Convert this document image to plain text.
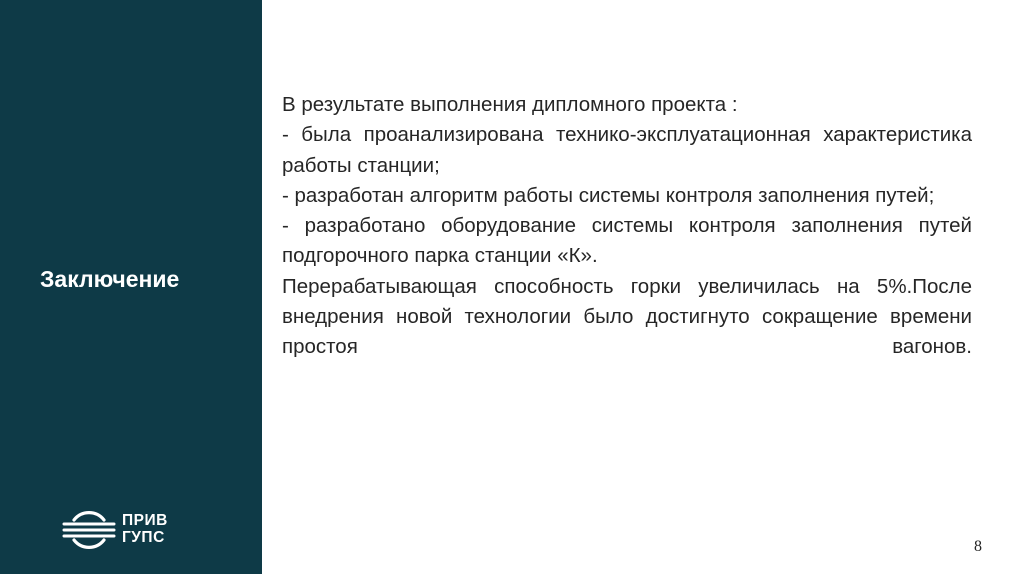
Заключение
ПРИВ
ГУПС

В результате выполнения дипломного проекта :

- была проанализирована технико-эксплуатационная характеристика работы станции;

- разработан алгоритм работы системы контроля заполнения путей;

- разработано оборудование системы контроля заполнения путей подгорочного парка станции «К».

Перерабатывающая способность горки увеличилась на 5%.После внедрения новой технологии было достигнуто сокращение времени простоя вагонов.

8
